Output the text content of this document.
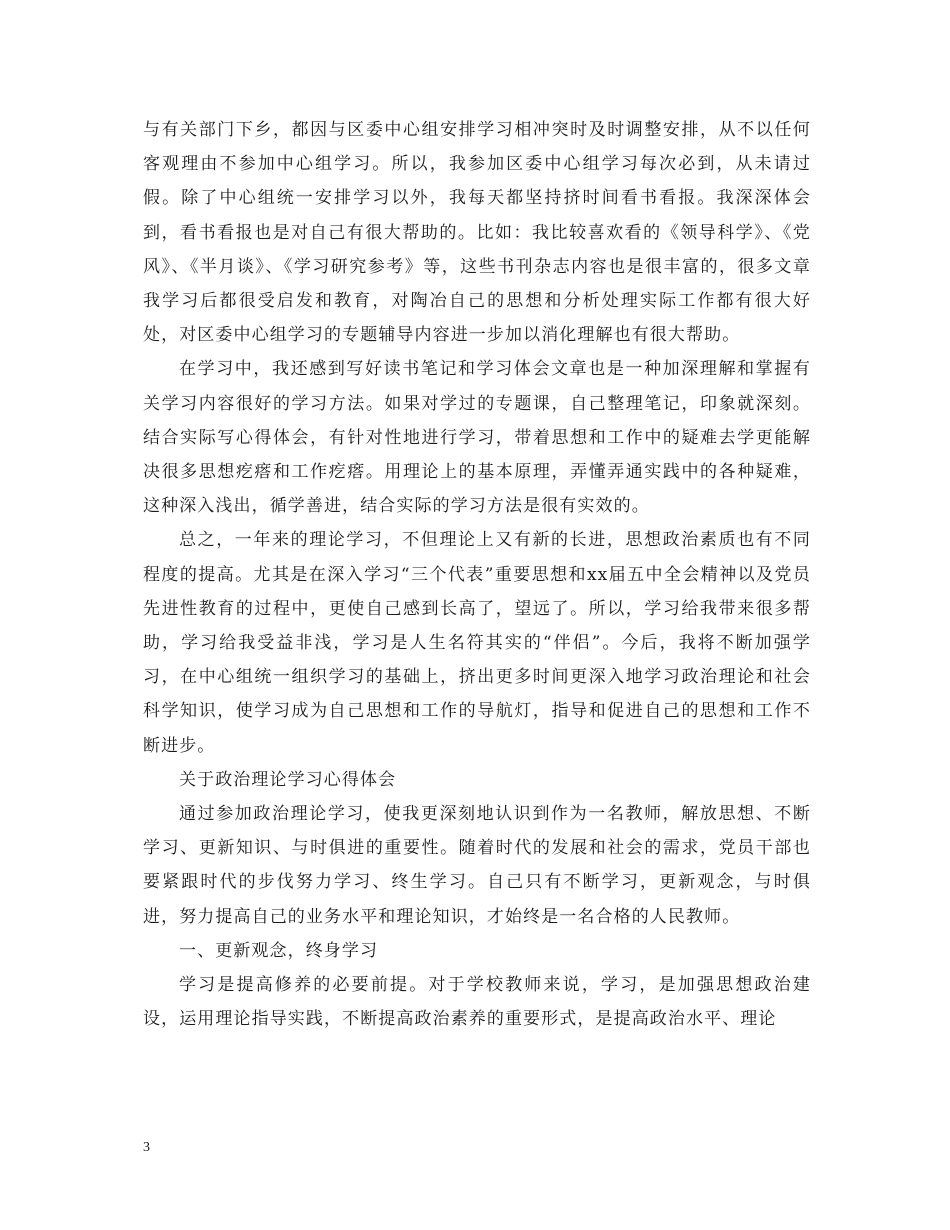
与有关部门下乡，都因与区委中心组安排学习相冲突时及时调整安排，从不以任何客观理由不参加中心组学习。所以，我参加区委中心组学习每次必到，从未请过假。除了中心组统一安排学习以外，我每天都坚持挤时间看书看报。我深深体会到，看书看报也是对自己有很大帮助的。比如：我比较喜欢看的《领导科学》、《党风》、《半月谈》、《学习研究参考》等，这些书刊杂志内容也是很丰富的，很多文章我学习后都很受启发和教育，对陶冶自己的思想和分析处理实际工作都有很大好处，对区委中心组学习的专题辅导内容进一步加以消化理解也有很大帮助。

在学习中，我还感到写好读书笔记和学习体会文章也是一种加深理解和掌握有关学习内容很好的学习方法。如果对学过的专题课，自己整理笔记，印象就深刻。结合实际写心得体会，有针对性地进行学习，带着思想和工作中的疑难去学更能解决很多思想疙瘩和工作疙瘩。用理论上的基本原理，弄懂弄通实践中的各种疑难，这种深入浅出，循学善进，结合实际的学习方法是很有实效的。

总之，一年来的理论学习，不但理论上又有新的长进，思想政治素质也有不同程度的提高。尤其是在深入学习“三个代表”重要思想和xx届五中全会精神以及党员先进性教育的过程中，更使自己感到长高了，望远了。所以，学习给我带来很多帮助，学习给我受益非浅，学习是人生名符其实的“伴侣”。今后，我将不断加强学习，在中心组统一组织学习的基础上，挤出更多时间更深入地学习政治理论和社会科学知识，使学习成为自己思想和工作的导航灯，指导和促进自己的思想和工作不断进步。

关于政治理论学习心得体会

通过参加政治理论学习，使我更深刻地认识到作为一名教师，解放思想、不断学习、更新知识、与时俱进的重要性。随着时代的发展和社会的需求，党员干部也要紧跟时代的步伐努力学习、终生学习。自己只有不断学习，更新观念，与时俱进，努力提高自己的业务水平和理论知识，才始终是一名合格的人民教师。

一、更新观念，终身学习

学习是提高修养的必要前提。对于学校教师来说，学习，是加强思想政治建设，运用理论指导实践，不断提高政治素养的重要形式，是提高政治水平、理论

3
